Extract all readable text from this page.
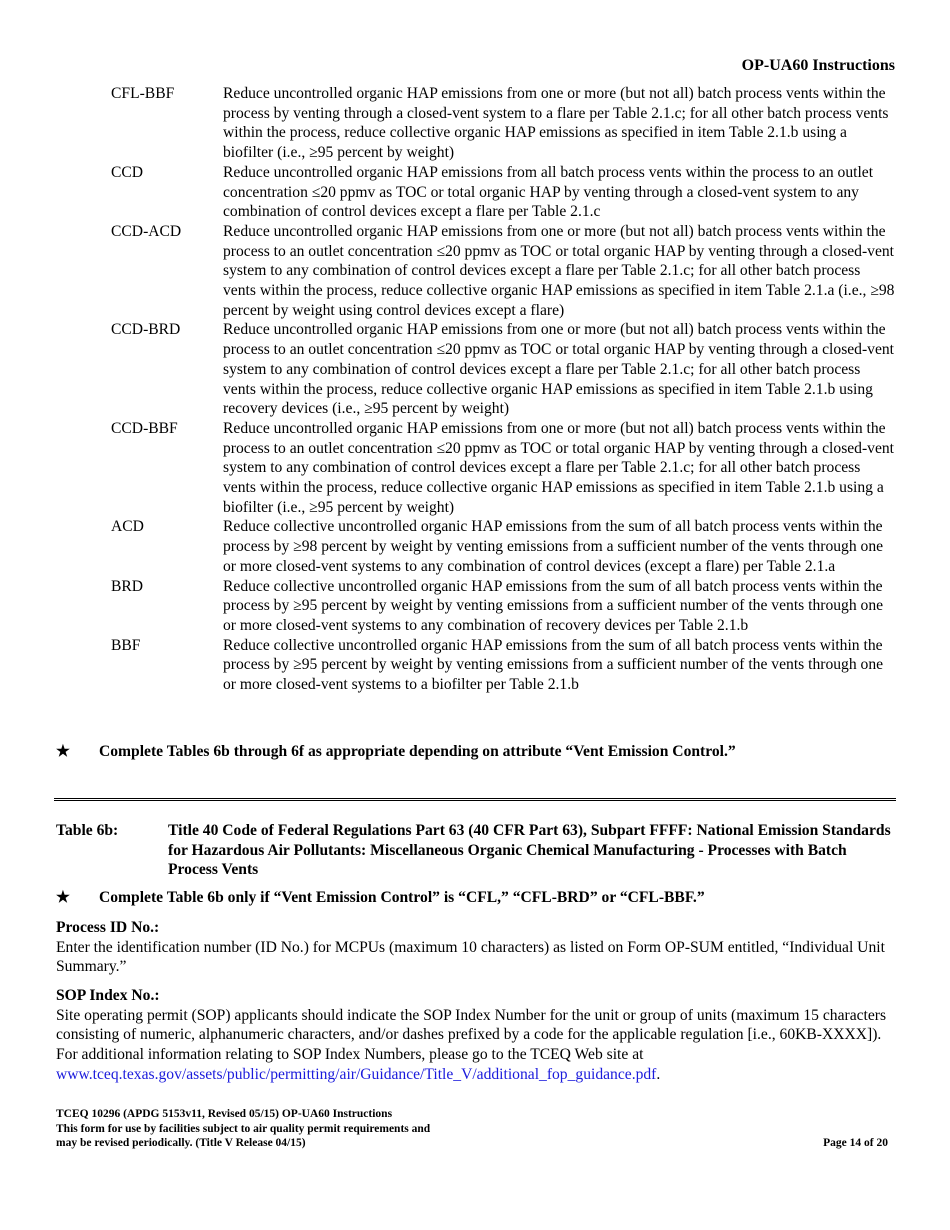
OP-UA60 Instructions
CFL-BBF	Reduce uncontrolled organic HAP emissions from one or more (but not all) batch process vents within the process by venting through a closed-vent system to a flare per Table 2.1.c; for all other batch process vents within the process, reduce collective organic HAP emissions as specified in item Table 2.1.b using a biofilter (i.e., ≥95 percent by weight)
CCD	Reduce uncontrolled organic HAP emissions from all batch process vents within the process to an outlet concentration ≤20 ppmv as TOC or total organic HAP by venting through a closed-vent system to any combination of control devices except a flare per Table 2.1.c
CCD-ACD	Reduce uncontrolled organic HAP emissions from one or more (but not all) batch process vents within the process to an outlet concentration ≤20 ppmv as TOC or total organic HAP by venting through a closed-vent system to any combination of control devices except a flare per Table 2.1.c; for all other batch process vents within the process, reduce collective organic HAP emissions as specified in item Table 2.1.a (i.e., ≥98 percent by weight using control devices except a flare)
CCD-BRD	Reduce uncontrolled organic HAP emissions from one or more (but not all) batch process vents within the process to an outlet concentration ≤20 ppmv as TOC or total organic HAP by venting through a closed-vent system to any combination of control devices except a flare per Table 2.1.c; for all other batch process vents within the process, reduce collective organic HAP emissions as specified in item Table 2.1.b using recovery devices (i.e., ≥95 percent by weight)
CCD-BBF	Reduce uncontrolled organic HAP emissions from one or more (but not all) batch process vents within the process to an outlet concentration ≤20 ppmv as TOC or total organic HAP by venting through a closed-vent system to any combination of control devices except a flare per Table 2.1.c; for all other batch process vents within the process, reduce collective organic HAP emissions as specified in item Table 2.1.b using a biofilter (i.e., ≥95 percent by weight)
ACD	Reduce collective uncontrolled organic HAP emissions from the sum of all batch process vents within the process by ≥98 percent by weight by venting emissions from a sufficient number of the vents through one or more closed-vent systems to any combination of control devices (except a flare) per Table 2.1.a
BRD	Reduce collective uncontrolled organic HAP emissions from the sum of all batch process vents within the process by ≥95 percent by weight by venting emissions from a sufficient number of the vents through one or more closed-vent systems to any combination of recovery devices per Table 2.1.b
BBF	Reduce collective uncontrolled organic HAP emissions from the sum of all batch process vents within the process by ≥95 percent by weight by venting emissions from a sufficient number of the vents through one or more closed-vent systems to a biofilter per Table 2.1.b
★ Complete Tables 6b through 6f as appropriate depending on attribute “Vent Emission Control.”
Table 6b:	Title 40 Code of Federal Regulations Part 63 (40 CFR Part 63), Subpart FFFF: National Emission Standards for Hazardous Air Pollutants: Miscellaneous Organic Chemical Manufacturing - Processes with Batch Process Vents
★ Complete Table 6b only if “Vent Emission Control” is “CFL,” “CFL-BRD” or “CFL-BBF.”
Process ID No.:
Enter the identification number (ID No.) for MCPUs (maximum 10 characters) as listed on Form OP-SUM entitled, “Individual Unit Summary.”
SOP Index No.:
Site operating permit (SOP) applicants should indicate the SOP Index Number for the unit or group of units (maximum 15 characters consisting of numeric, alphanumeric characters, and/or dashes prefixed by a code for the applicable regulation [i.e., 60KB-XXXX]). For additional information relating to SOP Index Numbers, please go to the TCEQ Web site at www.tceq.texas.gov/assets/public/permitting/air/Guidance/Title_V/additional_fop_guidance.pdf.
TCEQ 10296 (APDG 5153v11, Revised 05/15) OP-UA60 Instructions
This form for use by facilities subject to air quality permit requirements and
may be revised periodically. (Title V Release 04/15)	Page 14 of 20
